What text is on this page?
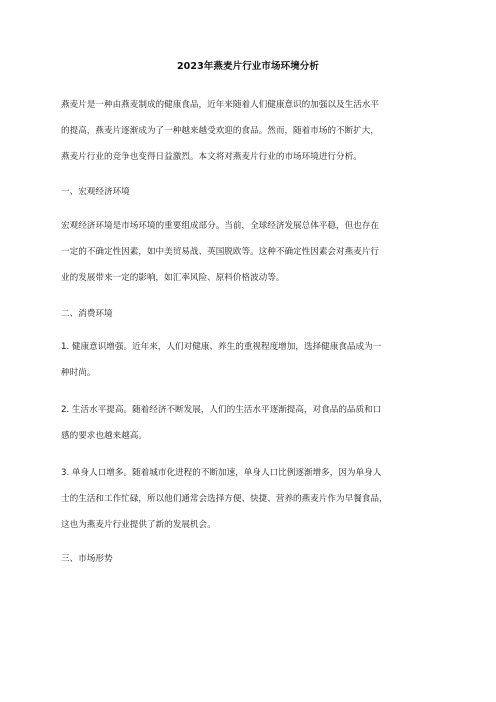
2023年燕麦片行业市场环境分析
燕麦片是一种由燕麦制成的健康食品，近年来随着人们健康意识的加强以及生活水平
的提高，燕麦片逐渐成为了一种越来越受欢迎的食品。然而，随着市场的不断扩大，
燕麦片行业的竞争也变得日益激烈。本文将对燕麦片行业的市场环境进行分析。
一、宏观经济环境
宏观经济环境是市场环境的重要组成部分。当前，全球经济发展总体平稳，但也存在
一定的不确定性因素，如中美贸易战、英国脱欧等。这种不确定性因素会对燕麦片行
业的发展带来一定的影响，如汇率风险、原料价格波动等。
二、消费环境
1. 健康意识增强。近年来，人们对健康、养生的重视程度增加，选择健康食品成为一
种时尚。
2. 生活水平提高。随着经济不断发展，人们的生活水平逐渐提高，对食品的品质和口
感的要求也越来越高。
3. 单身人口增多。随着城市化进程的不断加速，单身人口比例逐渐增多，因为单身人
士的生活和工作忙碌，所以他们通常会选择方便、快捷、营养的燕麦片作为早餐食品，
这也为燕麦片行业提供了新的发展机会。
三、市场形势
